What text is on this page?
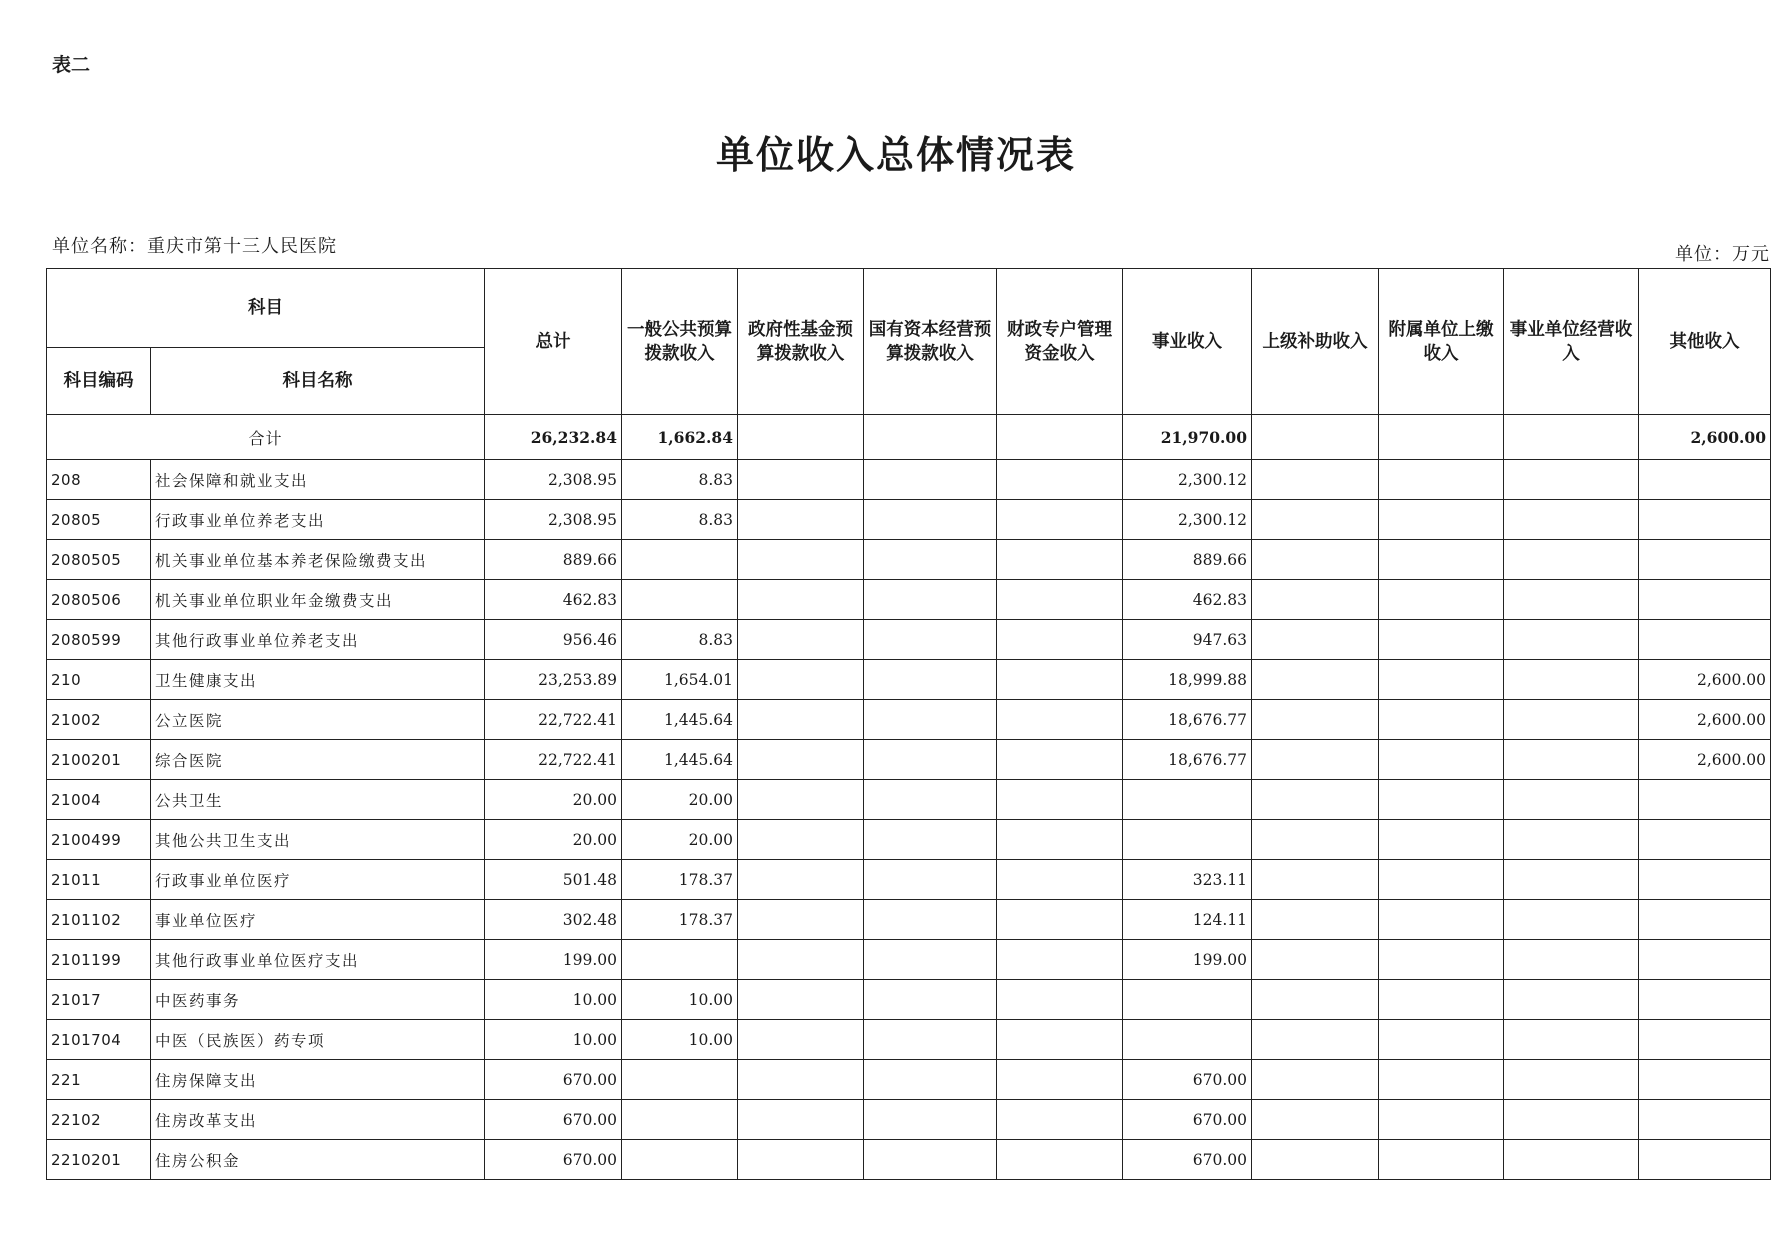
表二
单位收入总体情况表
单位名称：重庆市第十三人民医院	单位：万元
科目		总计	一般公共预算拨款收入	政府性基金预算拨款收入	国有资本经营预算拨款收入	财政专户管理资金收入	事业收入	上级补助收入	附属单位上缴收入	事业单位经营收入	其他收入
科目编码	科目名称										
合计		26,232.84	1,662.84				21,970.00				2,600.00
208	社会保障和就业支出	2,308.95	8.83				2,300.12				
20805	行政事业单位养老支出	2,308.95	8.83				2,300.12				
2080505	机关事业单位基本养老保险缴费支出	889.66					889.66				
2080506	机关事业单位职业年金缴费支出	462.83					462.83				
2080599	其他行政事业单位养老支出	956.46	8.83				947.63				
210	卫生健康支出	23,253.89	1,654.01				18,999.88				2,600.00
21002	公立医院	22,722.41	1,445.64				18,676.77				2,600.00
2100201	综合医院	22,722.41	1,445.64				18,676.77				2,600.00
21004	公共卫生	20.00	20.00								
2100499	其他公共卫生支出	20.00	20.00								
21011	行政事业单位医疗	501.48	178.37				323.11				
2101102	事业单位医疗	302.48	178.37				124.11				
2101199	其他行政事业单位医疗支出	199.00					199.00				
21017	中医药事务	10.00	10.00								
2101704	中医（民族医）药专项	10.00	10.00								
221	住房保障支出	670.00					670.00				
22102	住房改革支出	670.00					670.00				
2210201	住房公积金	670.00					670.00				
